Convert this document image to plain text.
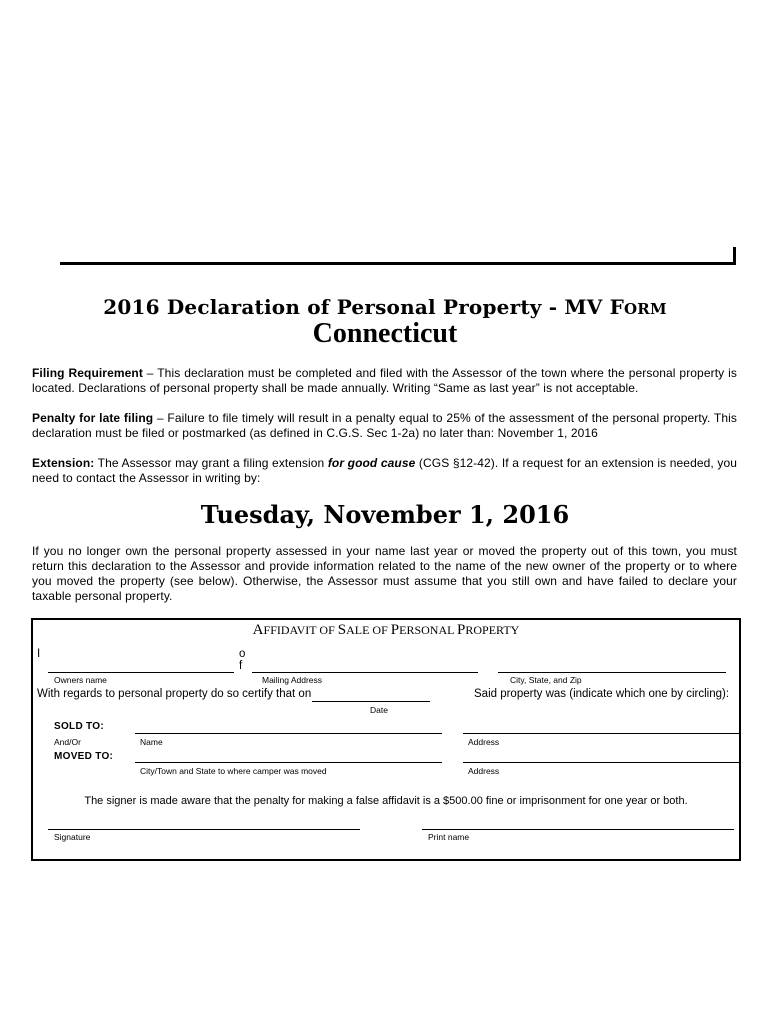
2016 Declaration of Personal Property - MV FORM
Connecticut
Filing Requirement – This declaration must be completed and filed with the Assessor of the town where the personal property is located. Declarations of personal property shall be made annually. Writing “Same as last year” is not acceptable.
Penalty for late filing – Failure to file timely will result in a penalty equal to 25% of the assessment of the personal property. This declaration must be filed or postmarked (as defined in C.G.S. Sec 1-2a) no later than: November 1, 2016
Extension: The Assessor may grant a filing extension for good cause (CGS §12-42). If a request for an extension is needed, you need to contact the Assessor in writing by:
Tuesday, November 1, 2016
If you no longer own the personal property assessed in your name last year or moved the property out of this town, you must return this declaration to the Assessor and provide information related to the name of the new owner of the property or to where you moved the property (see below). Otherwise, the Assessor must assume that you still own and have failed to declare your taxable personal property.
AFFIDAVIT OF SALE OF PERSONAL PROPERTY
I	o
f
Owners name	Mailing Address	City, State, and Zip
With regards to personal property do so certify that on	Said property was (indicate which one by circling):
Date
SOLD TO:
And/Or	Name	Address
MOVED TO:
City/Town and State to where camper was moved	Address
The signer is made aware that the penalty for making a false affidavit is a $500.00 fine or imprisonment for one year or both.
Signature	Print name
